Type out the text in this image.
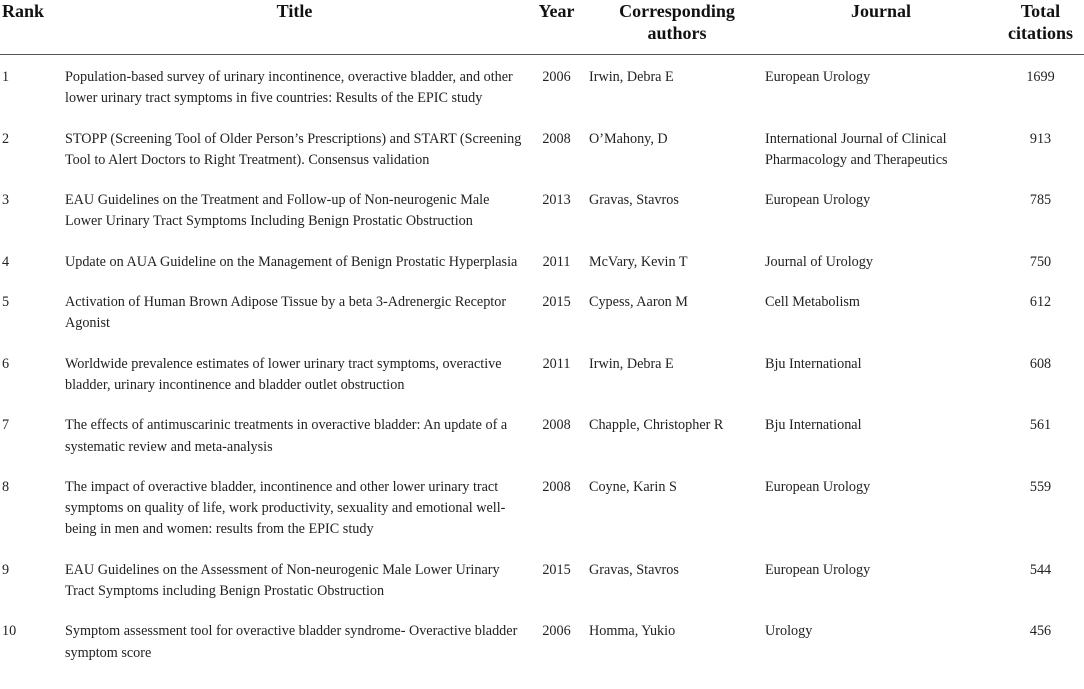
Rank	Title	Year	Corresponding authors	Journal	Total citations
1	Population-based survey of urinary incontinence, overactive bladder, and other lower urinary tract symptoms in five countries: Results of the EPIC study	2006	Irwin, Debra E	European Urology	1699
2	STOPP (Screening Tool of Older Person’s Prescriptions) and START (Screening Tool to Alert Doctors to Right Treatment). Consensus validation	2008	O’Mahony, D	International Journal of Clinical Pharmacology and Therapeutics	913
3	EAU Guidelines on the Treatment and Follow-up of Non-neurogenic Male Lower Urinary Tract Symptoms Including Benign Prostatic Obstruction	2013	Gravas, Stavros	European Urology	785
4	Update on AUA Guideline on the Management of Benign Prostatic Hyperplasia	2011	McVary, Kevin T	Journal of Urology	750
5	Activation of Human Brown Adipose Tissue by a beta 3-Adrenergic Receptor Agonist	2015	Cypess, Aaron M	Cell Metabolism	612
6	Worldwide prevalence estimates of lower urinary tract symptoms, overactive bladder, urinary incontinence and bladder outlet obstruction	2011	Irwin, Debra E	Bju International	608
7	The effects of antimuscarinic treatments in overactive bladder: An update of a systematic review and meta-analysis	2008	Chapple, Christopher R	Bju International	561
8	The impact of overactive bladder, incontinence and other lower urinary tract symptoms on quality of life, work productivity, sexuality and emotional well-being in men and women: results from the EPIC study	2008	Coyne, Karin S	European Urology	559
9	EAU Guidelines on the Assessment of Non-neurogenic Male Lower Urinary Tract Symptoms including Benign Prostatic Obstruction	2015	Gravas, Stavros	European Urology	544
10	Symptom assessment tool for overactive bladder syndrome- Overactive bladder symptom score	2006	Homma, Yukio	Urology	456
